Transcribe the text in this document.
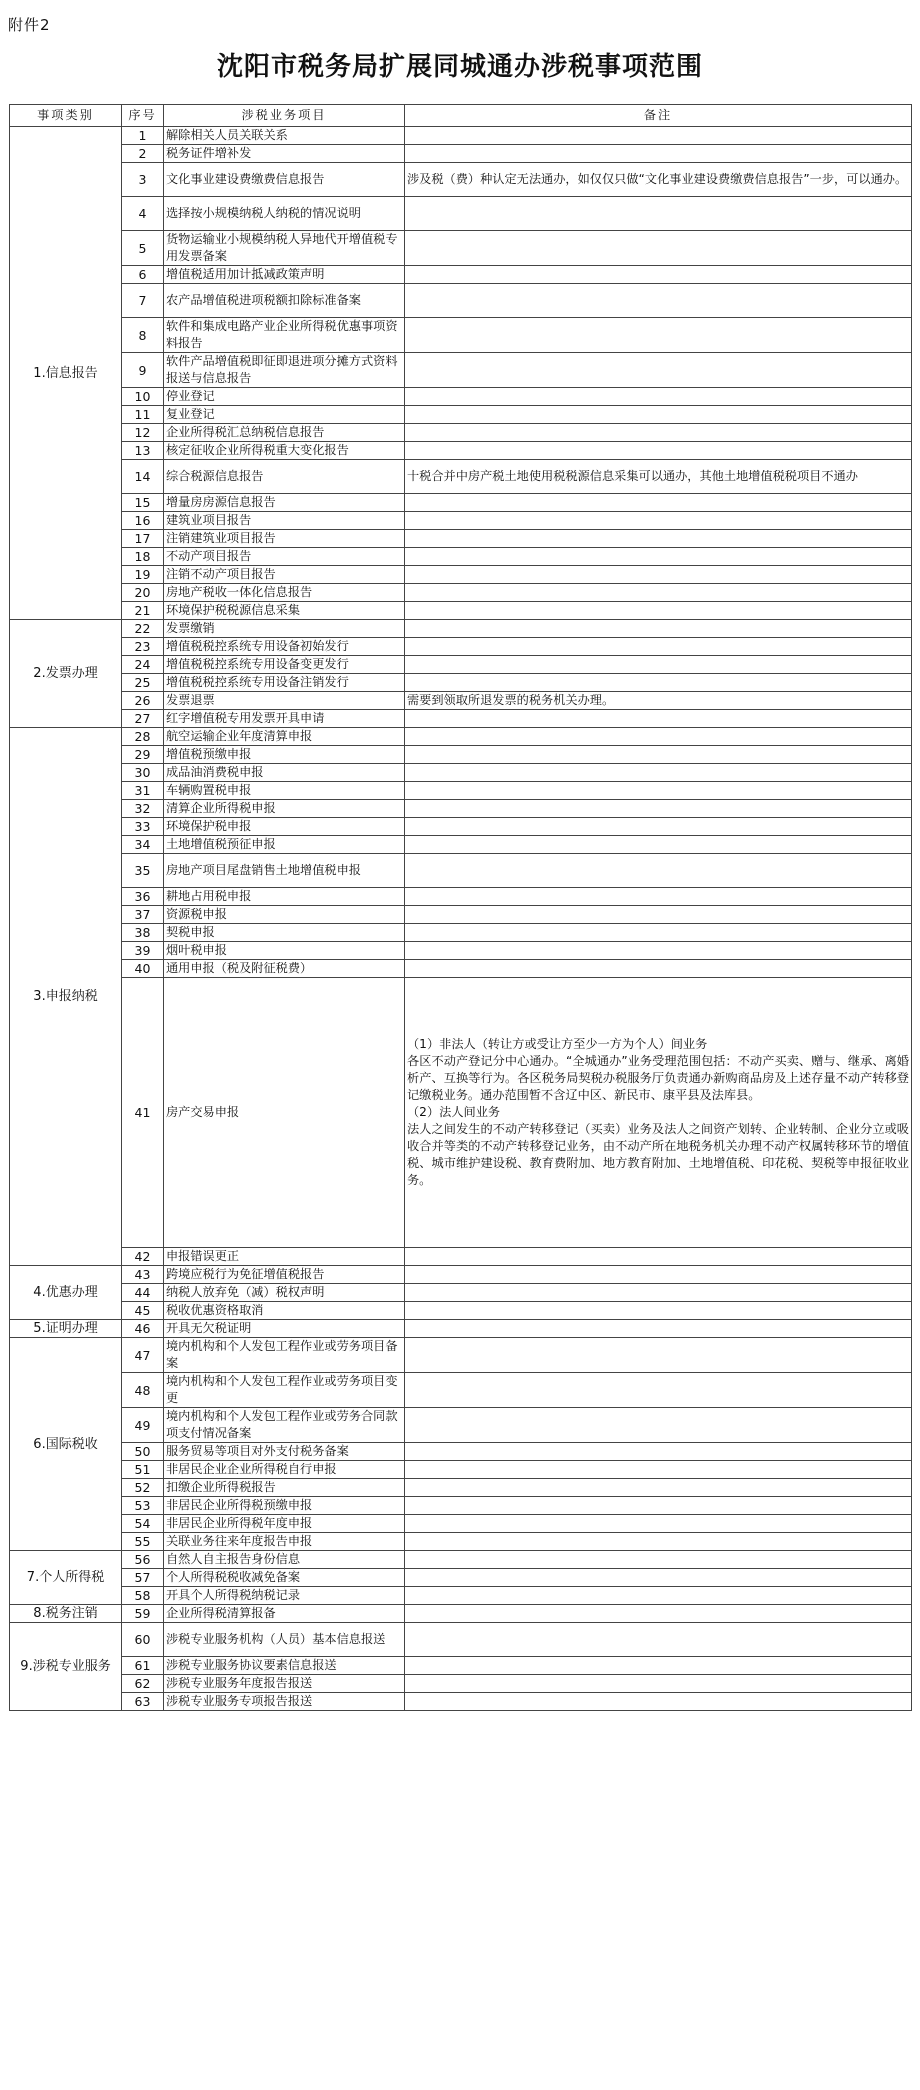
附件2
沈阳市税务局扩展同城通办涉税事项范围
事项类别	序号	涉税业务项目	备注
1.信息报告	1	解除相关人员关联关系	
	2	税务证件增补发	
	3	文化事业建设费缴费信息报告	涉及税（费）种认定无法通办，如仅仅只做“文化事业建设费缴费信息报告”一步，可以通办。

	4	选择按小规模纳税人纳税的情况说明	
	5	货物运输业小规模纳税人异地代开增值税专用发票备案	
	6	增值税适用加计抵减政策声明	
	7	农产品增值税进项税额扣除标准备案	
	8	软件和集成电路产业企业所得税优惠事项资料报告	
	9	软件产品增值税即征即退进项分摊方式资料报送与信息报告	
	10	停业登记	
	11	复业登记	
	12	企业所得税汇总纳税信息报告	
	13	核定征收企业所得税重大变化报告	
	14	综合税源信息报告	十税合并中房产税土地使用税税源信息采集可以通办，其他土地增值税税项目不通办

	15	增量房房源信息报告	
	16	建筑业项目报告	
	17	注销建筑业项目报告	
	18	不动产项目报告	
	19	注销不动产项目报告	
	20	房地产税收一体化信息报告	
	21	环境保护税税源信息采集	
2.发票办理	22	发票缴销	
	23	增值税税控系统专用设备初始发行	
	24	增值税税控系统专用设备变更发行	
	25	增值税税控系统专用设备注销发行	
	26	发票退票	需要到领取所退发票的税务机关办理。

	27	红字增值税专用发票开具申请	
3.申报纳税	28	航空运输企业年度清算申报	
	29	增值税预缴申报	
	30	成品油消费税申报	
	31	车辆购置税申报	
	32	清算企业所得税申报	
	33	环境保护税申报	
	34	土地增值税预征申报	
	35	房地产项目尾盘销售土地增值税申报	
	36	耕地占用税申报	
	37	资源税申报	
	38	契税申报	
	39	烟叶税申报	
	40	通用申报（税及附征税费）	
	41	房产交易申报	（1）非法人（转让方或受让方至少一方为个人）间业务
各区不动产登记分中心通办。“全城通办”业务受理范围包括：不动产买卖、赠与、继承、离婚析产、互换等行为。各区税务局契税办税服务厅负责通办新购商品房及上述存量不动产转移登记缴税业务。通办范围暂不含辽中区、新民市、康平县及法库县。
（2）法人间业务
法人之间发生的不动产转移登记（买卖）业务及法人之间资产划转、企业转制、企业分立或吸收合并等类的不动产转移登记业务，由不动产所在地税务机关办理不动产权属转移环节的增值税、城市维护建设税、教育费附加、地方教育附加、土地增值税、印花税、契税等申报征收业务。

	42	申报错误更正	
4.优惠办理	43	跨境应税行为免征增值税报告	
	44	纳税人放弃免（减）税权声明	
	45	税收优惠资格取消	
5.证明办理	46	开具无欠税证明	
6.国际税收	47	境内机构和个人发包工程作业或劳务项目备案	
	48	境内机构和个人发包工程作业或劳务项目变更	
	49	境内机构和个人发包工程作业或劳务合同款项支付情况备案	
	50	服务贸易等项目对外支付税务备案	
	51	非居民企业企业所得税自行申报	
	52	扣缴企业所得税报告	
	53	非居民企业所得税预缴申报	
	54	非居民企业所得税年度申报	
	55	关联业务往来年度报告申报	
7.个人所得税	56	自然人自主报告身份信息	
	57	个人所得税税收减免备案	
	58	开具个人所得税纳税记录	
8.税务注销	59	企业所得税清算报备	
9.涉税专业服务	60	涉税专业服务机构（人员）基本信息报送	
	61	涉税专业服务协议要素信息报送	
	62	涉税专业服务年度报告报送	
	63	涉税专业服务专项报告报送	
